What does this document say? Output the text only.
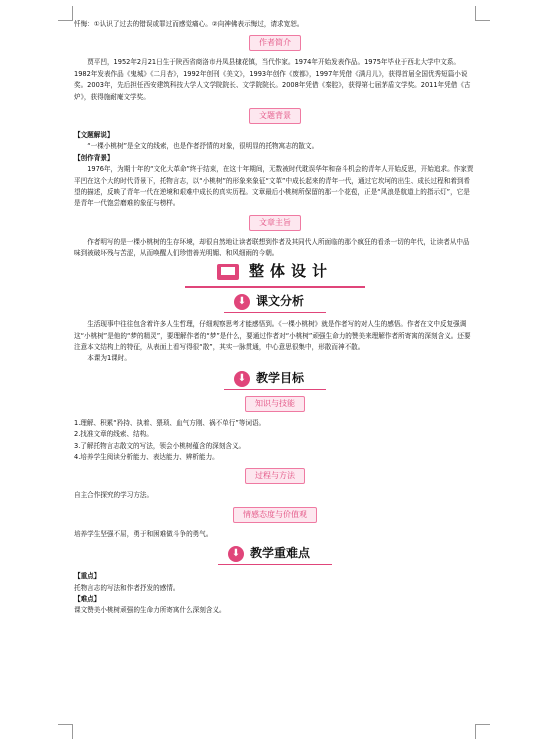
忏悔：①认识了过去的错误或罪过而感觉痛心。②向神佛表示悔过，请求宽恕。

作者简介

贾平凹，1952年2月21日生于陕西省商洛市丹凤县棣花镇，当代作家。1974年开始发表作品。1975年毕业于西北大学中文系。1982年发表作品《鬼城》《二月杏》，1992年创刊《美文》，1993年创作《废都》，1997年凭借《满月儿》，获得首届全国优秀短篇小说奖。2003年，先后担任西安建筑科技大学人文学院院长、文学院院长。2008年凭借《秦腔》，获得第七届茅盾文学奖。2011年凭借《古炉》，获得施耐庵文学奖。

文题背景

【文题解说】

“一棵小桃树”是全文的线索，也是作者抒情的对象，很明显的托物寓志的散文。

【创作背景】

1976年，为期十年的“文化大革命”终于结束，在这十年期间，无数被时代耽误华年和奋斗机会的青年人开始反思，开始追求。作家贾平凹在这个大的时代背景下，托物言志，以“小桃树”的形象来象征“文革”中成长起来的青年一代，通过它坎坷的出生、成长过程和着到希望的描述，反映了青年一代在逆境和艰难中成长的真实历程。文章最后小桃树所保留的那一个花苞，正是“风浪是航道上的指示灯”，它是是青年一代饱尝磨难的象征与榜样。

文章主旨

作者明写的是一棵小桃树的生存环境，却很自然地让读者联想到作者及其同代人所面临的那个疯狂的看杀一切的年代，让读者从中品味到被破坏残与苦涩，从而唤醒人们珍惜善光明媚、和风细雨的今朝。

整体设计
⬇ 课文分析

生活现事中往往包含着许多人生哲理，仔细观察思考才能感悟到。《一棵小桃树》就是作者写的对人生的感悟。作者在文中反复强调这“小桃树”是他的“梦的精灵”，要理解作者的“梦”是什么，要通过作者对“小桃树”顽强生命力的赞美来理解作者所寄寓的深刻含义。还要注意本文结构上的特征，从表面上看写得很“散”，其实一脉贯通，中心意思很集中，形散而神不散。

本课为1课时。

⬇ 教学目标
知识与技能

1.理解、积累“矜持、执着、猥琐、血气方刚、祸不单行”等词语。

2.找准文章的线索、结构。

3.了解托物言志散文的写法，领会小桃树蕴含的深刻含义。

4.培养学生阅读分析能力、表达能力、辨析能力。

过程与方法

自主合作探究的学习方法。

情感态度与价值观

培养学生坚强不屈，勇于和困难做斗争的勇气。

⬇ 教学重难点

【重点】

托物言志的写法和作者抒发的感情。

【难点】

课文赞美小桃树顽强的生命力所寄寓什么深刻含义。
